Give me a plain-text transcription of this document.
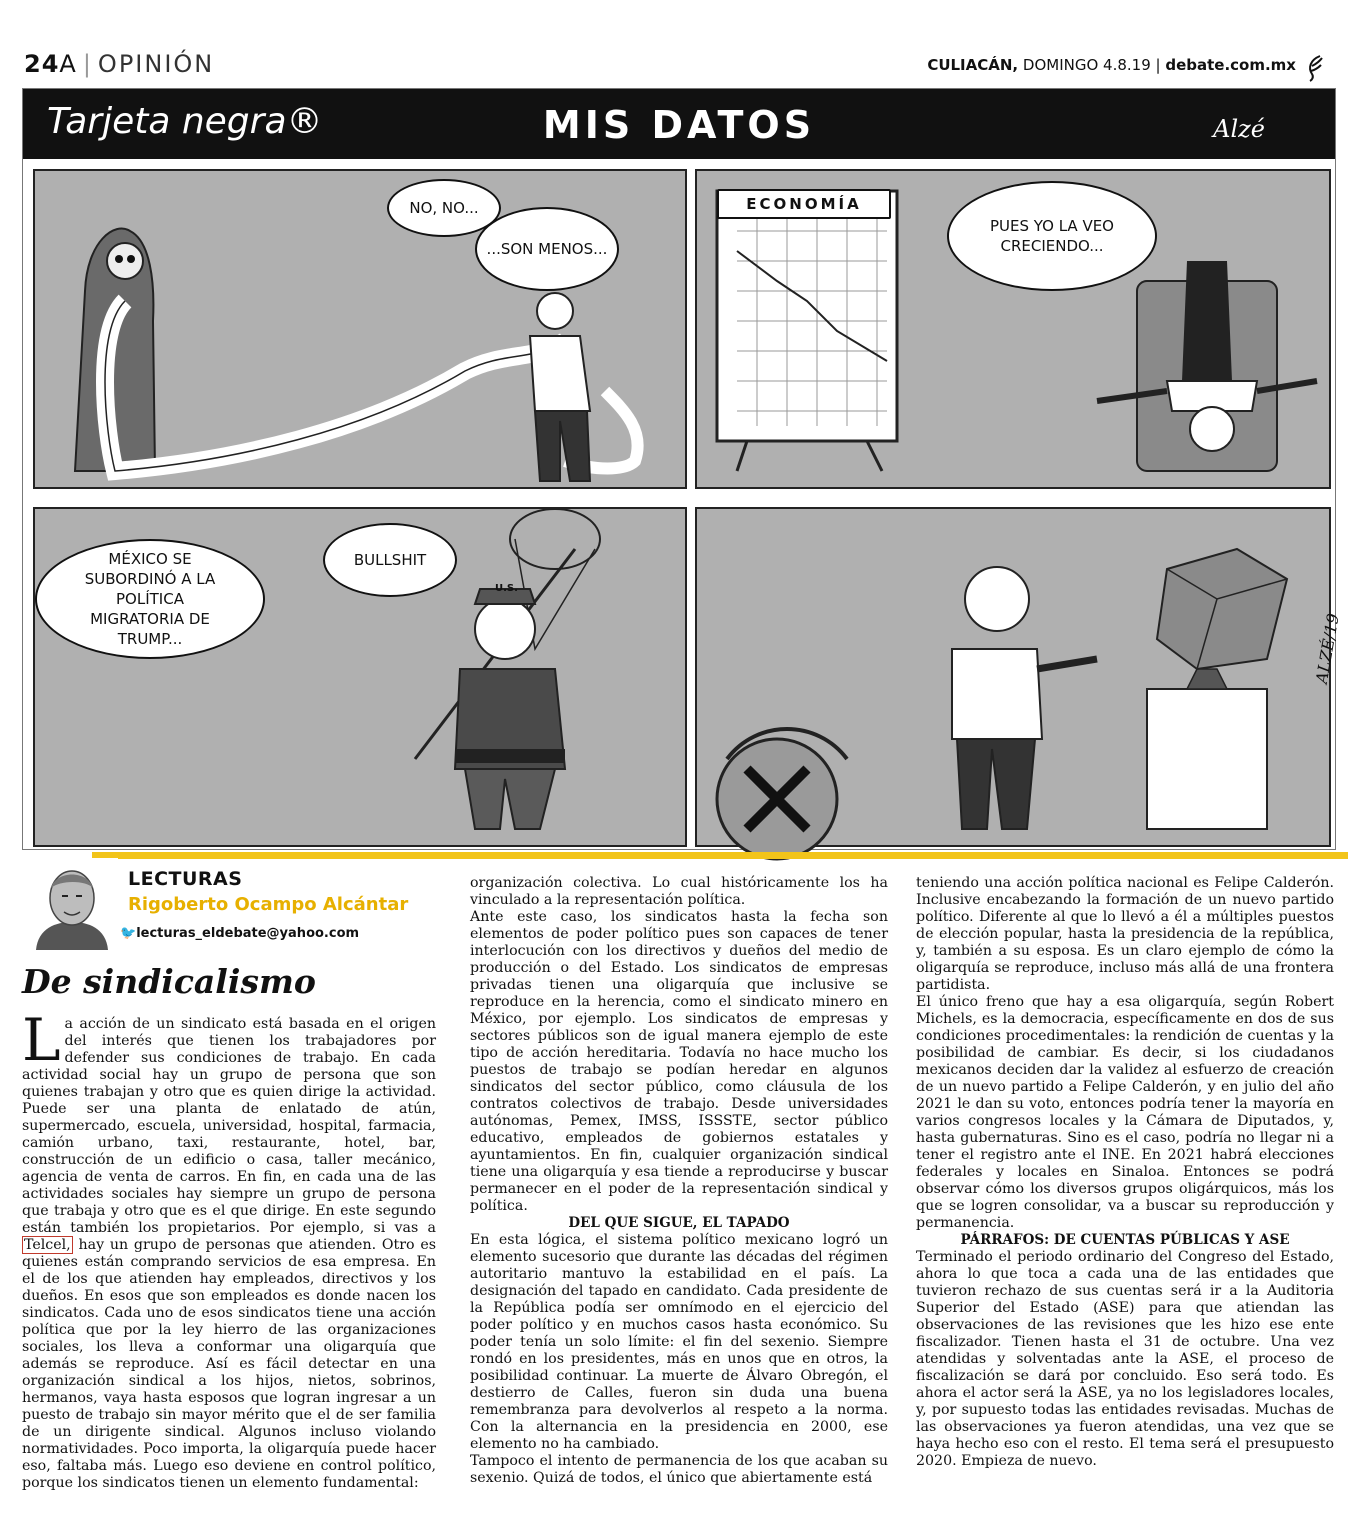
24A | OPINIÓN	CULIACÁN, DOMINGO 4.8.19 | debate.com.mx
Tarjeta negra®	MIS DATOS	Alzé
NO, NO...
...SON MENOS...
ECONOMÍA
PUES YO LA VEO CRECIENDO...
MÉXICO SE SUBORDINÓ A LA POLÍTICA MIGRATORIA DE TRUMP...
BULLSHIT
U.S.
ALZÉ/19
LECTURAS
Rigoberto Ocampo Alcántar
🐦lecturas_eldebate@yahoo.com
De sindicalismo

La acción de un sindicato está basada en el origen del interés que tienen los trabajadores por defender sus condiciones de trabajo. En cada actividad social hay un grupo de persona que son quienes trabajan y otro que es quien dirige la actividad. Puede ser una planta de enlatado de atún, supermercado, escuela, universidad, hospital, farmacia, camión urbano, taxi, restaurante, hotel, bar, construcción de un edificio o casa, taller mecánico, agencia de venta de carros. En fin, en cada una de las actividades sociales hay siempre un grupo de persona que trabaja y otro que es el que dirige. En este segundo están también los propietarios. Por ejemplo, si vas a Telcel, hay un grupo de personas que atienden. Otro es quienes están comprando servicios de esa empresa. En el de los que atienden hay empleados, directivos y los dueños. En esos que son empleados es donde nacen los sindicatos. Cada uno de esos sindicatos tiene una acción política que por la ley hierro de las organizaciones sociales, los lleva a conformar una oligarquía que además se reproduce. Así es fácil detectar en una organización sindical a los hijos, nietos, sobrinos, hermanos, vaya hasta esposos que logran ingresar a un puesto de trabajo sin mayor mérito que el de ser familia de un dirigente sindical. Algunos incluso violando normatividades. Poco importa, la oligarquía puede hacer eso, faltaba más. Luego eso deviene en control político, porque los sindicatos tienen un elemento fundamental:

organización colectiva. Lo cual históricamente los ha vinculado a la representación política.

Ante este caso, los sindicatos hasta la fecha son elementos de poder político pues son capaces de tener interlocución con los directivos y dueños del medio de producción o del Estado. Los sindicatos de empresas privadas tienen una oligarquía que inclusive se reproduce en la herencia, como el sindicato minero en México, por ejemplo. Los sindicatos de empresas y sectores públicos son de igual manera ejemplo de este tipo de acción hereditaria. Todavía no hace mucho los puestos de trabajo se podían heredar en algunos sindicatos del sector público, como cláusula de los contratos colectivos de trabajo. Desde universidades autónomas, Pemex, IMSS, ISSSTE, sector público educativo, empleados de gobiernos estatales y ayuntamientos. En fin, cualquier organización sindical tiene una oligarquía y esa tiende a reproducirse y buscar permanecer en el poder de la representación sindical y política.

DEL QUE SIGUE, EL TAPADO

En esta lógica, el sistema político mexicano logró un elemento sucesorio que durante las décadas del régimen autoritario mantuvo la estabilidad en el país. La designación del tapado en candidato. Cada presidente de la República podía ser omnímodo en el ejercicio del poder político y en muchos casos hasta económico. Su poder tenía un solo límite: el fin del sexenio. Siempre rondó en los presidentes, más en unos que en otros, la posibilidad continuar. La muerte de Álvaro Obregón, el destierro de Calles, fueron sin duda una buena remembranza para devolverlos al respeto a la norma. Con la alternancia en la presidencia en 2000, ese elemento no ha cambiado.

Tampoco el intento de permanencia de los que acaban su sexenio. Quizá de todos, el único que abiertamente está

teniendo una acción política nacional es Felipe Calderón. Inclusive encabezando la formación de un nuevo partido político. Diferente al que lo llevó a él a múltiples puestos de elección popular, hasta la presidencia de la república, y, también a su esposa. Es un claro ejemplo de cómo la oligarquía se reproduce, incluso más allá de una frontera partidista.

El único freno que hay a esa oligarquía, según Robert Michels, es la democracia, específicamente en dos de sus condiciones procedimentales: la rendición de cuentas y la posibilidad de cambiar. Es decir, si los ciudadanos mexicanos deciden dar la validez al esfuerzo de creación de un nuevo partido a Felipe Calderón, y en julio del año 2021 le dan su voto, entonces podría tener la mayoría en varios congresos locales y la Cámara de Diputados, y, hasta gubernaturas. Sino es el caso, podría no llegar ni a tener el registro ante el INE. En 2021 habrá elecciones federales y locales en Sinaloa. Entonces se podrá observar cómo los diversos grupos oligárquicos, más los que se logren consolidar, va a buscar su reproducción y permanencia.

PÁRRAFOS: DE CUENTAS PÚBLICAS Y ASE

Terminado el periodo ordinario del Congreso del Estado, ahora lo que toca a cada una de las entidades que tuvieron rechazo de sus cuentas será ir a la Auditoria Superior del Estado (ASE) para que atiendan las observaciones de las revisiones que les hizo ese ente fiscalizador. Tienen hasta el 31 de octubre. Una vez atendidas y solventadas ante la ASE, el proceso de fiscalización se dará por concluido. Eso será todo. Es ahora el actor será la ASE, ya no los legisladores locales, y, por supuesto todas las entidades revisadas. Muchas de las observaciones ya fueron atendidas, una vez que se haya hecho eso con el resto. El tema será el presupuesto 2020. Empieza de nuevo.
